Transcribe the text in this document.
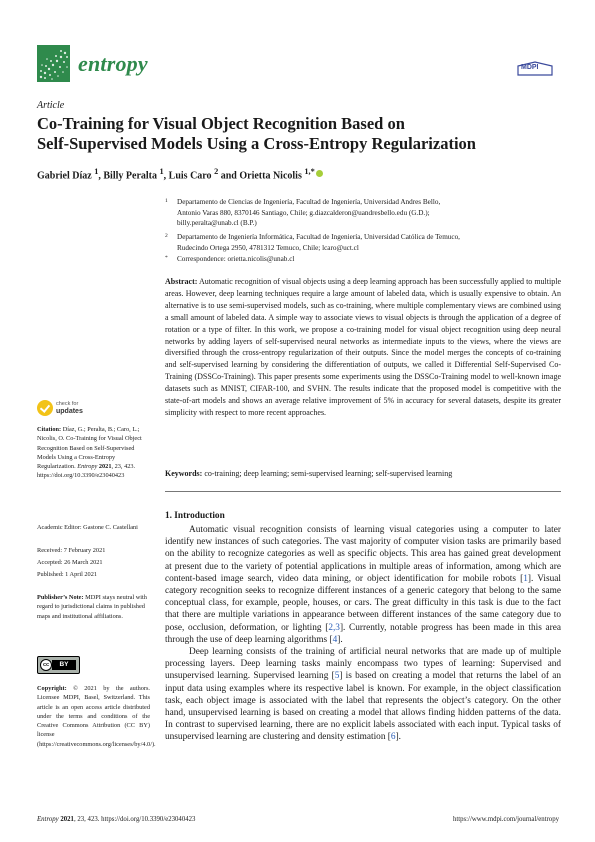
entropy	MDPI
Article
Co-Training for Visual Object Recognition Based on
Self-Supervised Models Using a Cross-Entropy Regularization
Gabriel Díaz $^1$, Billy Peralta $^1$, Luis Caro $^2$ and Orietta Nicolis $^{1,*}$
1 Departamento de Ciencias de Ingeniería, Facultad de Ingeniería, Universidad Andres Bello,
Antonio Varas 880, 8370146 Santiago, Chile; g.diazcalderon@uandresbello.edu (G.D.);
billy.peralta@unab.cl (B.P.)
2 Departamento de Ingeniería Informática, Facultad de Ingeniería, Universidad Católica de Temuco,
Rudecindo Ortega 2950, 4781312 Temuco, Chile; lcaro@uct.cl
* Correspondence: orietta.nicolis@unab.cl
Abstract: Automatic recognition of visual objects using a deep learning approach has been successfully applied to multiple areas. However, deep learning techniques require a large amount of labeled data, which is usually expensive to obtain. An alternative is to use semi-supervised models, such as co-training, where multiple complementary views are combined using a small amount of labeled data. A simple way to associate views to visual objects is through the application of a degree of rotation or a type of filter. In this work, we propose a co-training model for visual object recognition using deep neural networks by adding layers of self-supervised neural networks as intermediate inputs to the views, where the views are diversified through the cross-entropy regularization of their outputs. Since the model merges the concepts of co-training and self-supervised learning by considering the differentiation of outputs, we called it Differential Self-Supervised Co-Training (DSSCo-Training). This paper presents some experiments using the DSSCo-Training model to well-known image datasets such as MNIST, CIFAR-100, and SVHN. The results indicate that the proposed model is competitive with the state-of-art models and shows an average relative improvement of 5% in accuracy for several datasets, despite its greater simplicity with respect to more recent approaches.
Keywords: co-training; deep learning; semi-supervised learning; self-supervised learning
check for
updates
Citation: Díaz, G.; Peralta, B.; Caro, L.; Nicolis, O. Co-Training for Visual Object Recognition Based on Self-Supervised Models Using a Cross-Entropy Regularization. Entropy 2021, 23, 423. https://doi.org/10.3390/e23040423
Academic Editor: Gastone C. Castellani
Received: 7 February 2021
Accepted: 26 March 2021
Published: 1 April 2021
Publisher’s Note: MDPI stays neutral with regard to jurisdictional claims in published maps and institutional affiliations.
cc	BY
Copyright: © 2021 by the authors. Licensee MDPI, Basel, Switzerland. This article is an open access article distributed under the terms and conditions of the Creative Commons Attribution (CC BY) license (https://creativecommons.org/licenses/by/4.0/).
1. Introduction

Automatic visual recognition consists of learning visual categories using a computer to later identify new instances of such categories. The vast majority of computer vision tasks are primarily based on the ability to recognize categories as well as specific objects. This area has gained great development at present due to the variety of potential applications in multiple areas of information, among which are content-based image search, video data mining, or object identification for mobile robots [1]. Visual category recognition seeks to recognize different instances of a generic category that belong to the same conceptual class, for example, people, houses, or cars. The great difficulty in this task is due to the fact that there are multiple variations in appearance between different instances of the same category due to pose, occlusion, deformation, or lighting [2,3]. Currently, notable progress has been made in this area through the use of deep learning algorithms [4].

Deep learning consists of the training of artificial neural networks that are made up of multiple processing layers. Deep learning tasks mainly encompass two types of learning: Supervised and unsupervised learning. Supervised learning [5] is based on creating a model that returns the label of an input data using examples where its respective label is known. For example, in the object classification task, each object image is associated with the label that represents the object’s category. On the other hand, unsupervised learning is based on creating a model that allows finding hidden patterns of the data. In contrast to supervised learning, there are no explicit labels associated with each input. Typical tasks of unsupervised learning are clustering and density estimation [6].

Entropy 2021, 23, 423. https://doi.org/10.3390/e23040423	https://www.mdpi.com/journal/entropy
